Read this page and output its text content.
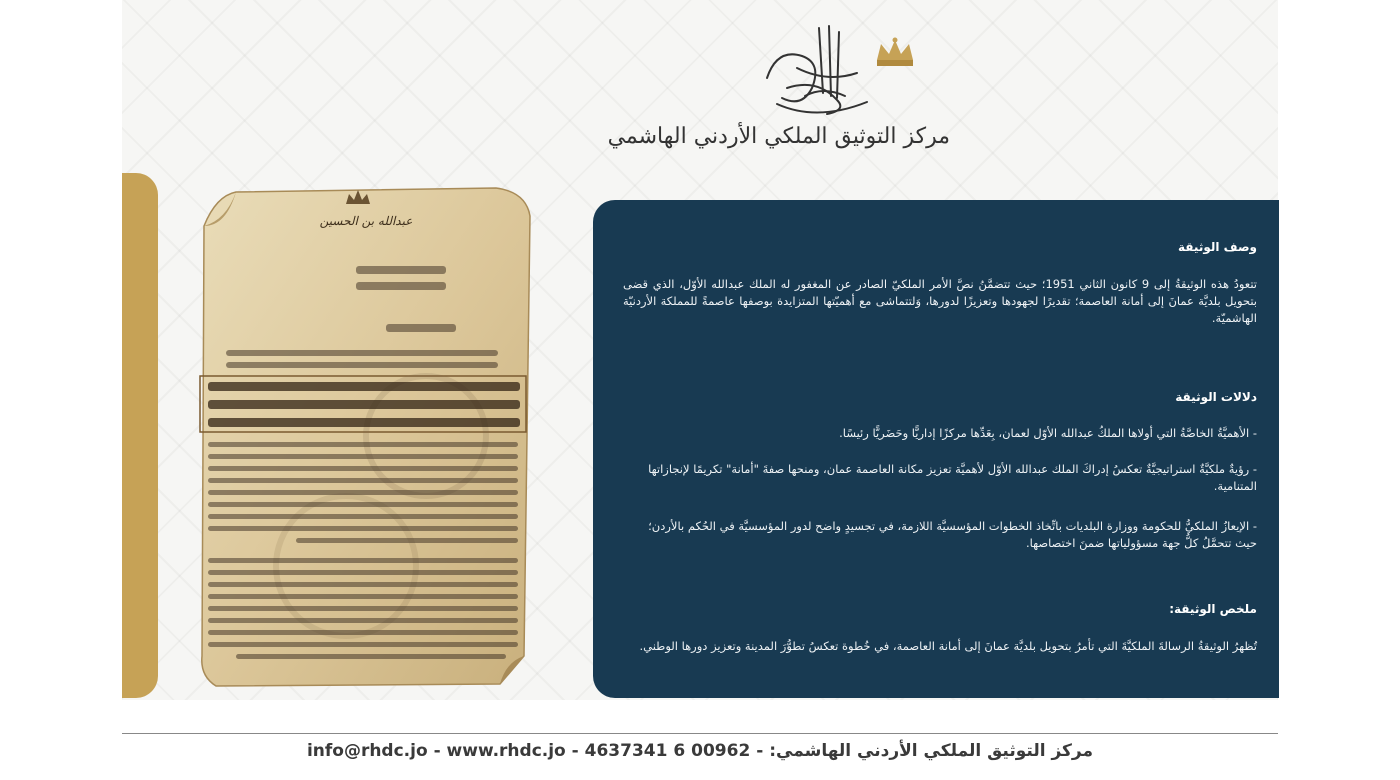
مركز التوثيق الملكي الأردني الهاشمي
عبدالله بن الحسين
وصف الوثيقة
تتعودُ هذه الوثيقةُ إلى 9 كانون الثاني 1951؛ حيث تتضمَّنُ نصَّ الأمر الملكيّ الصادر عن المغفور له الملك عبدالله الأوّل، الذي قضى بتحويل بلديَّة عمانَ إلى أمانة العاصمة؛ تقديرًا لجهودها وتعزيزًا لدورها، وَلتتماشى مع أهميّتها المتزايدة بوصفها عاصمةً للمملكة الأردنيّة الهاشميّة.
دلالات الوثيقة
- الأهميَّةُ الخاصَّةُ التي أولاها الملكُ عبدالله الأوّل لعمان، بِعَدِّها مركزًا إداريًّا وحَضَريًّا رئيسًا.
- رؤيةٌ ملكيَّةٌ استراتيجيَّةٌ تعكسُ إدراكَ الملك عبدالله الأوّل لأهميَّة تعزيز مكانة العاصمة عمان، ومنحها صفةَ "أمانة" تكريمًا لإنجازاتها المتنامية.
- الإيعازُ الملكيُّ للحكومة ووزارة البلديات باتِّخاذ الخطوات المؤسسيَّة اللازمة، في تجسيدٍ واضح لدور المؤسسيَّة في الحُكم بالأردن؛ حيث تتحمَّلُ كلُّ جهة مسؤولياتها ضمنَ اختصاصها.
ملخص الوثيقة:
تُظهرُ الوثيقةُ الرسالةَ الملكيَّةَ التي تأمرُ بتحويل بلديَّة عمانَ إلى أمانة العاصمة، في خُطوة تعكسُ تطوُّرَ المدينة وتعزيز دورها الوطني.
مركز التوثيق الملكي الأردني الهاشمي: - 00962 6 4637341 - www.rhdc.jo - info@rhdc.jo
